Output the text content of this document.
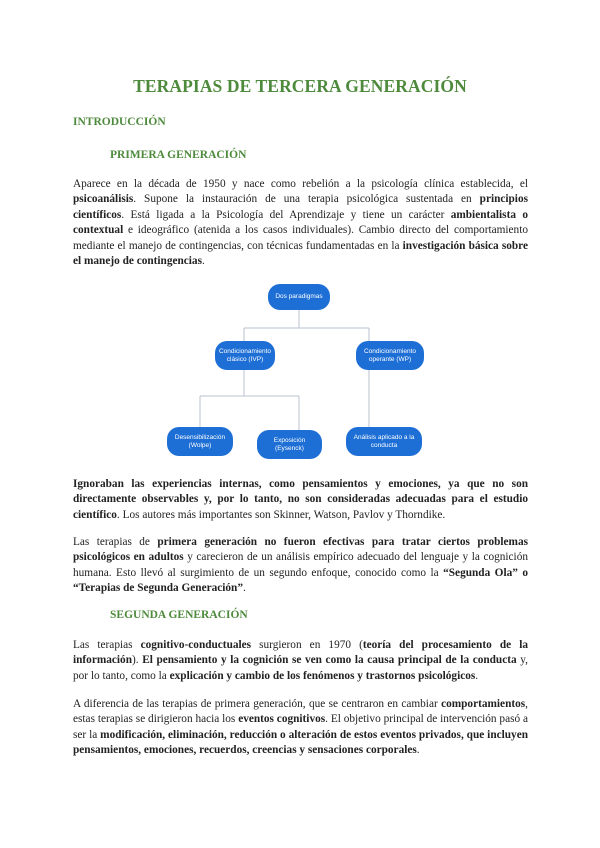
TERAPIAS DE TERCERA GENERACIÓN
INTRODUCCIÓN
PRIMERA GENERACIÓN

Aparece en la década de 1950 y nace como rebelión a la psicología clínica establecida, el psicoanálisis. Supone la instauración de una terapia psicológica sustentada en principios científicos. Está ligada a la Psicología del Aprendizaje y tiene un carácter ambientalista o contextual e ideográfico (atenida a los casos individuales). Cambio directo del comportamiento mediante el manejo de contingencias, con técnicas fundamentadas en la investigación básica sobre el manejo de contingencias.

Dos paradigmas
Condicionamiento clásico (IVP)
Condicionamiento operante (WP)
Desensibilización (Wolpe)
Exposición (Eysenck)
Análisis aplicado a la conducta

Ignoraban las experiencias internas, como pensamientos y emociones, ya que no son directamente observables y, por lo tanto, no son consideradas adecuadas para el estudio científico. Los autores más importantes son Skinner, Watson, Pavlov y Thorndike.

Las terapias de primera generación no fueron efectivas para tratar ciertos problemas psicológicos en adultos y carecieron de un análisis empírico adecuado del lenguaje y la cognición humana. Esto llevó al surgimiento de un segundo enfoque, conocido como la “Segunda Ola” o “Terapias de Segunda Generación”.

SEGUNDA GENERACIÓN

Las terapias cognitivo-conductuales surgieron en 1970 (teoría del procesamiento de la información). El pensamiento y la cognición se ven como la causa principal de la conducta y, por lo tanto, como la explicación y cambio de los fenómenos y trastornos psicológicos.

A diferencia de las terapias de primera generación, que se centraron en cambiar comportamientos, estas terapias se dirigieron hacia los eventos cognitivos. El objetivo principal de intervención pasó a ser la modificación, eliminación, reducción o alteración de estos eventos privados, que incluyen pensamientos, emociones, recuerdos, creencias y sensaciones corporales.
